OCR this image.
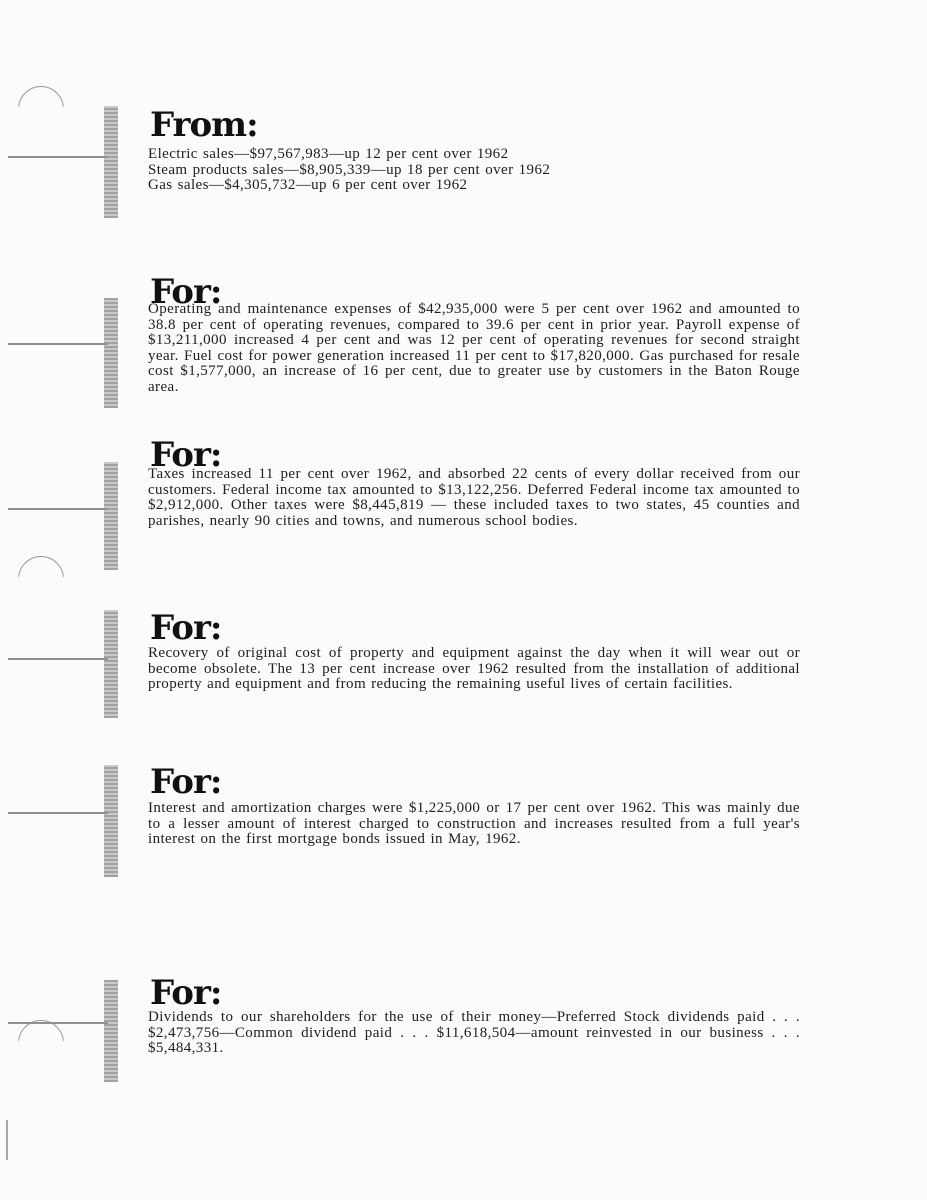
From:
Electric sales—$97,567,983—up 12 per cent over 1962
Steam products sales—$8,905,339—up 18 per cent over 1962
Gas sales—$4,305,732—up 6 per cent over 1962
For:

Operating and maintenance expenses of $42,935,000 were 5 per cent over 1962 and amounted to 38.8 per cent of operating revenues, compared to 39.6 per cent in prior year. Payroll expense of $13,211,000 increased 4 per cent and was 12 per cent of operating revenues for second straight year. Fuel cost for power generation increased 11 per cent to $17,820,000. Gas purchased for resale cost $1,577,000, an increase of 16 per cent, due to greater use by customers in the Baton Rouge area.

For:

Taxes increased 11 per cent over 1962, and absorbed 22 cents of every dollar received from our customers. Federal income tax amounted to $13,122,256. Deferred Federal income tax amounted to $2,912,000. Other taxes were $8,445,819 — these included taxes to two states, 45 counties and parishes, nearly 90 cities and towns, and numerous school bodies.

For:

Recovery of original cost of property and equipment against the day when it will wear out or become obsolete. The 13 per cent increase over 1962 resulted from the installation of additional property and equipment and from reducing the remaining useful lives of certain facilities.

For:

Interest and amortization charges were $1,225,000 or 17 per cent over 1962. This was mainly due to a lesser amount of interest charged to construction and increases resulted from a full year's interest on the first mortgage bonds issued in May, 1962.

For:

Dividends to our shareholders for the use of their money—Preferred Stock dividends paid . . . $2,473,756—Common dividend paid . . . $11,618,504—amount reinvested in our business . . . $5,484,331.
